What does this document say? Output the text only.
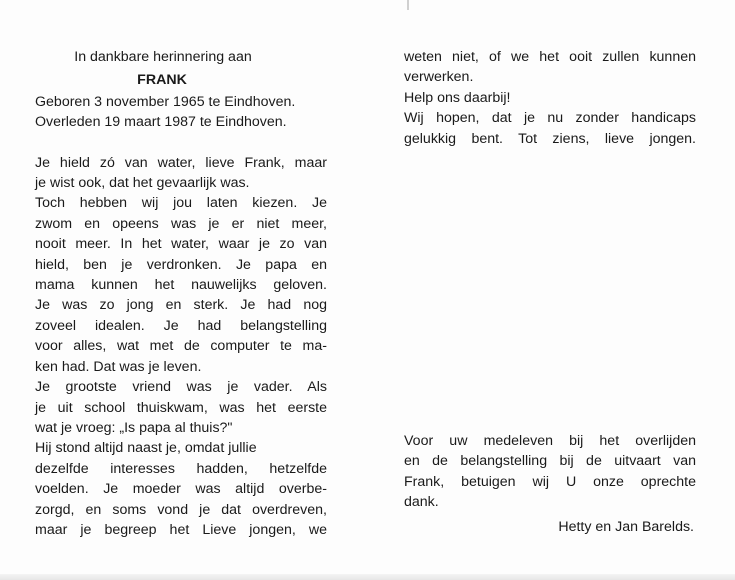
In dankbare herinnering aan
FRANK
Geboren 3 november 1965 te Eindhoven.
Overleden 19 maart 1987 te Eindhoven.
Je hield zó van water, lieve Frank, maar
je wist ook, dat het gevaarlijk was.
Toch hebben wij jou laten kiezen. Je
zwom en opeens was je er niet meer,
nooit meer. In het water, waar je zo van
hield, ben je verdronken. Je papa en
mama kunnen het nauwelijks geloven.
Je was zo jong en sterk. Je had nog
zoveel idealen. Je had belangstelling
voor alles, wat met de computer te ma-
ken had. Dat was je leven.
Je grootste vriend was je vader. Als
je uit school thuiskwam, was het eerste
wat je vroeg: „Is papa al thuis?"
Hij stond altijd naast je, omdat jullie
dezelfde interesses hadden, hetzelfde
voelden. Je moeder was altijd overbe-
zorgd, en soms vond je dat overdreven,
maar je begreep het Lieve jongen, we
weten niet, of we het ooit zullen kunnen
verwerken.
Help ons daarbij!
Wij hopen, dat je nu zonder handicaps
gelukkig bent. Tot ziens, lieve jongen.
Voor uw medeleven bij het overlijden
en de belangstelling bij de uitvaart van
Frank, betuigen wij U onze oprechte
dank.
Hetty en Jan Barelds.
